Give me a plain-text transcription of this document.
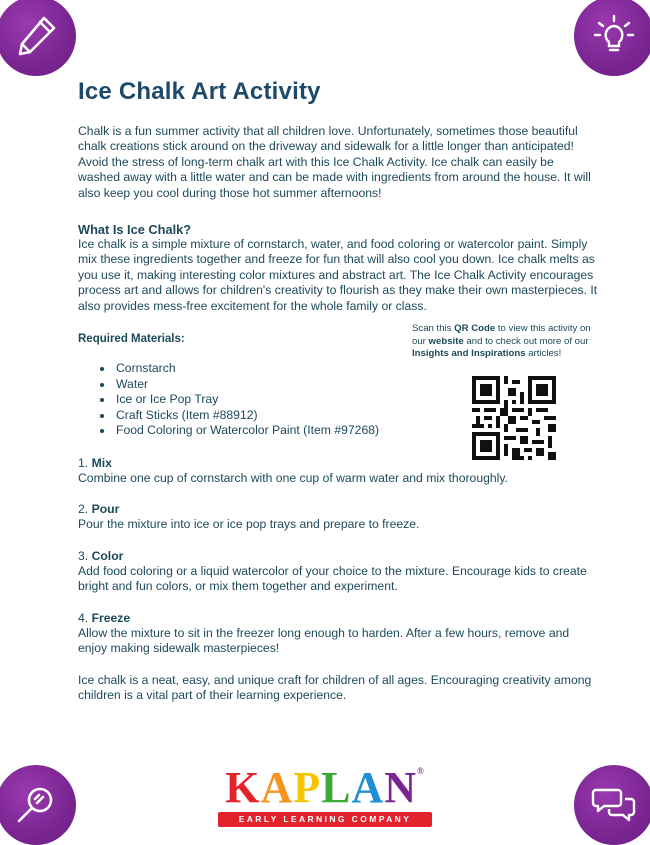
Ice Chalk Art Activity

Chalk is a fun summer activity that all children love. Unfortunately, sometimes those beautiful chalk creations stick around on the driveway and sidewalk for a little longer than anticipated! Avoid the stress of long-term chalk art with this Ice Chalk Activity. Ice chalk can easily be washed away with a little water and can be made with ingredients from around the house. It will also keep you cool during those hot summer afternoons!

What Is Ice Chalk?

Ice chalk is a simple mixture of cornstarch, water, and food coloring or watercolor paint. Simply mix these ingredients together and freeze for fun that will also cool you down. Ice chalk melts as you use it, making interesting color mixtures and abstract art. The Ice Chalk Activity encourages process art and allows for children's creativity to flourish as they make their own masterpieces. It also provides mess-free excitement for the whole family or class.

Required Materials:

• Cornstarch
• Water
• Ice or Ice Pop Tray
• Craft Sticks (Item #88912)
• Food Coloring or Watercolor Paint (Item #97268)

Scan this QR Code to view this activity on our website and to check out more of our Insights and Inspirations articles!

1. Mix

Combine one cup of cornstarch with one cup of warm water and mix thoroughly.

2. Pour

Pour the mixture into ice or ice pop trays and prepare to freeze.

3. Color

Add food coloring or a liquid watercolor of your choice to the mixture. Encourage kids to create bright and fun colors, or mix them together and experiment.

4. Freeze

Allow the mixture to sit in the freezer long enough to harden. After a few hours, remove and enjoy making sidewalk masterpieces!

Ice chalk is a neat, easy, and unique craft for children of all ages. Encouraging creativity among children is a vital part of their learning experience.

K A P L A N ®
EARLY LEARNING COMPANY
